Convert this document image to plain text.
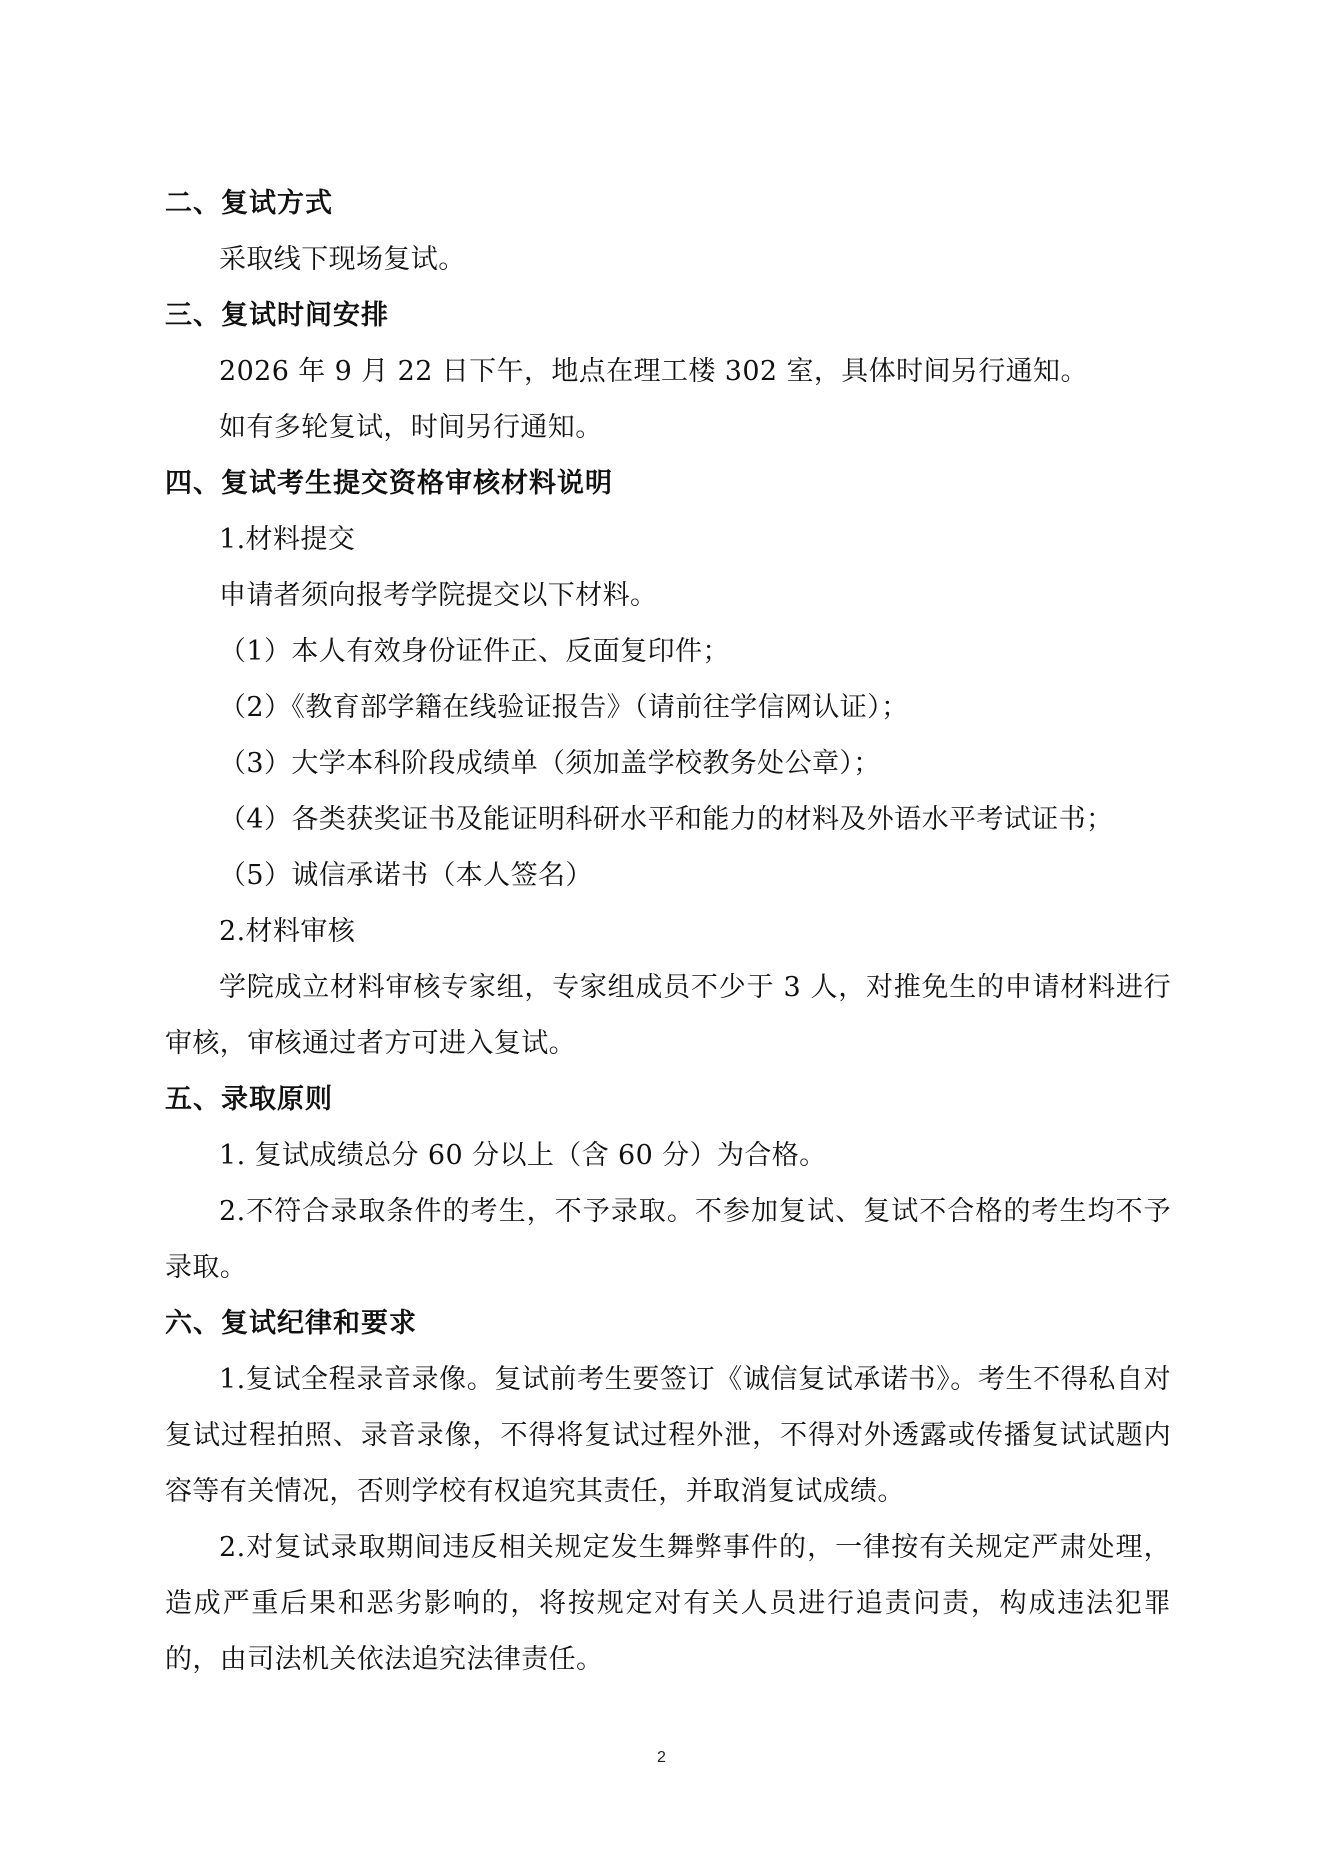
二、复试方式
采取线下现场复试。
三、复试时间安排
2026 年 9 月 22 日下午，地点在理工楼 302 室，具体时间另行通知。
如有多轮复试，时间另行通知。
四、复试考生提交资格审核材料说明
1.材料提交
申请者须向报考学院提交以下材料。
（1）本人有效身份证件正、反面复印件；
（2）《教育部学籍在线验证报告》（请前往学信网认证）；
（3）大学本科阶段成绩单（须加盖学校教务处公章）；
（4）各类获奖证书及能证明科研水平和能力的材料及外语水平考试证书；
（5）诚信承诺书（本人签名）
2.材料审核
学院成立材料审核专家组，专家组成员不少于 3 人，对推免生的申请材料进行审核，审核通过者方可进入复试。
五、录取原则
1. 复试成绩总分 60 分以上（含 60 分）为合格。
2.不符合录取条件的考生，不予录取。不参加复试、复试不合格的考生均不予录取。
六、复试纪律和要求
1.复试全程录音录像。复试前考生要签订《诚信复试承诺书》。考生不得私自对复试过程拍照、录音录像，不得将复试过程外泄，不得对外透露或传播复试试题内容等有关情况，否则学校有权追究其责任，并取消复试成绩。
2.对复试录取期间违反相关规定发生舞弊事件的，一律按有关规定严肃处理，造成严重后果和恶劣影响的，将按规定对有关人员进行追责问责，构成违法犯罪的，由司法机关依法追究法律责任。
2
